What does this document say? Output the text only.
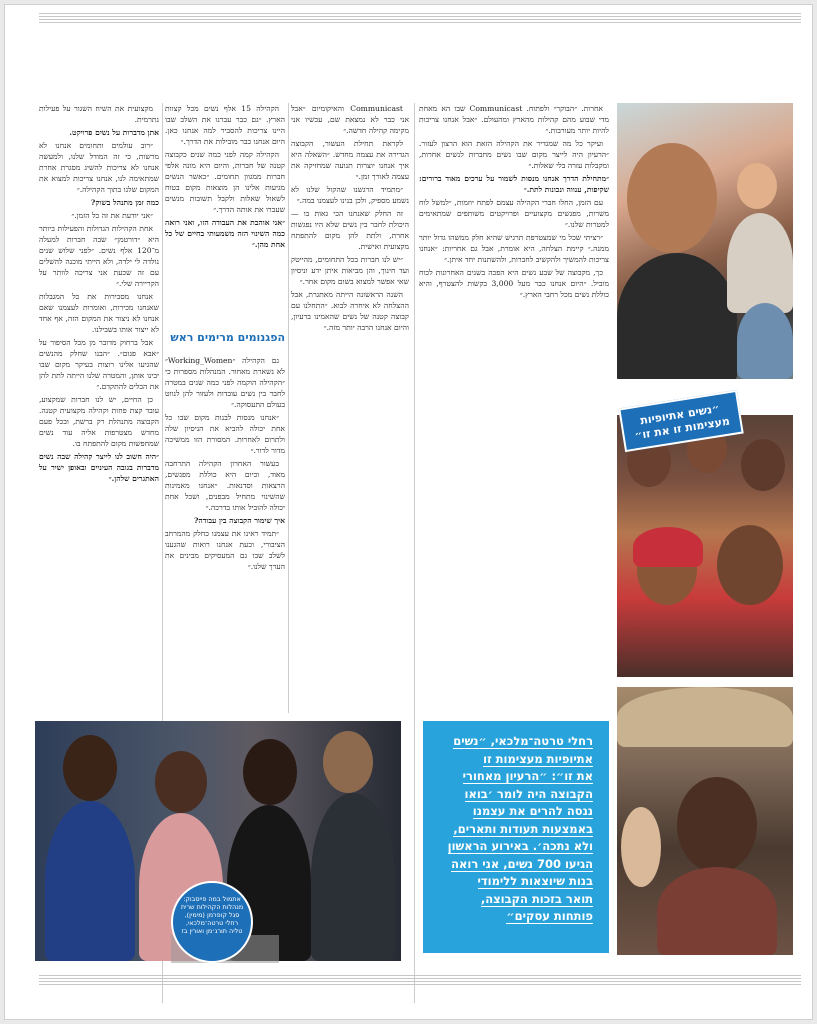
מקצועית את השיח השגור על פעילות נתרמית.

אתן מדברות על נשים פרויקט.

״רוב עולמים ותחומים אנחנו לא מרשות, כי זה המודל שלנו, ולמעשה אנחנו לא צריכות להשיג מסגרת אחרת שמתאימה לנו, אנחנו צריכות למצוא את המקום שלנו בתוך הקהילה.״

כמה זמן מתנהל בשוק?

״אני יודעת את זה כל הזמן.״

אחת הקהילות הגדולות והפעילות ביותר היא ״דורטמן״ שבה חברות למעלה מ־120 אלף נשים. ״לפני שלוש שנים נולדה לי ילדה, ולא הייתי מוכנה להשלים עם זה שכעת אני צריכה לוותר על הקריירה שלי.״

אנחנו מסבירות את כל המגבלות שאנחנו מכירות, ואומרות לעצמנו שאם אנחנו לא ניצור את המקום הזה, אף אחד לא ייצור אותו בשבילנו.

אבל ברחוק מדובר מן מכל הסיפור על ״אבא פגום״. ״הבנו שחלק מהנשים שהגיעו אלינו רוצות בעיקר מקום שבו יבינו אותן, והמטרה שלנו הייתה לתת להן את הכלים להתקדם.״

כן החיים, יש לנו חברות שמקצוע, עובד קצת פחות וקהילה מקצועית קטנה. הקבוצה מתנהלת רק ברשת, ובכל פעם מחדש מצטרפות אליה עוד נשים שמחפשות מקום להתפתח בו.

״היה חשוב לנו לייצר קהילה שבה נשים מדברות בגובה העיניים ובאופן ישיר על האתגרים שלהן.״

הקהילה 15 אלף נשים מכל קצוות הארץ. ״גם כבר עברנו את השלב שבו היינו צריכות להסביר למה אנחנו כאן. היום אנחנו כבר מובילות את הדרך.״

הקהילה קמה לפני כמה שנים כקבוצה קטנה של חברות, והיום היא מונה אלפי חברות ממגוון תחומים. ״כאשר הנשים מגיעות אלינו הן מוצאות מקום בטוח לשאול שאלות ולקבל תשובות מנשים שעברו את אותה הדרך.״

״אני אוהבת את העבודה הזו, ואני רואה כמה השינוי הזה משמעותי בחיים של כל אחת מהן.״

הפגנומים מרימים ראש

גם הקהילה ״Working_Women״ לא נשארת מאחור. המנהלות מספרות כי ״הקהילה הוקמה לפני כמה שנים במטרה לחבר בין נשים עובדות ולעזור להן לנווט בעולם התעסוקה.״

״אנחנו מנסות לבנות מקום שבו כל אחת יכולה להביא את הניסיון שלה ולתרום לאחרות. המסורת הזו ממשיכה מדור לדור.״

בעשור האחרון הקהילה התרחבה מאוד, וכיום היא כוללת מפגשים, הרצאות וסדנאות. ״אנחנו מאמינות שהשינוי מתחיל מבפנים, ושכל אחת יכולה להוביל אותו בדרכה.״

איך שימור הקבוצה בין עבודה?

״תמיד ראינו את עצמנו כחלק מהמרחב הציבורי, וכעת אנחנו רואות שהגענו לשלב שבו גם המעסיקים מבינים את הערך שלנו.״

Communicast והאיקומיום ״אבל אני כבר לא נמצאת שם, עכשיו אני מקימה קהילה חדשה.״

לקראת תחילת העשור, הקבוצה הגדירה את עצמה מחדש. ״השאלה היא איך אנחנו יוצרות תנועה שמחזיקה את עצמה לאורך זמן.״

״מתמיד הרגשנו שהקול שלנו לא נשמע מספיק, ולכן בנינו לעצמנו במה.״

זה החלק שאנחנו הכי גאות בו — היכולת לחבר בין נשים שלא היו נפגשות אחרת, ולתת להן מקום להתפתח מקצועית ואישית.

״יש לנו חברות בכל התחומים, מהייטק ועד חינוך, והן מביאות איתן ידע וניסיון שאי אפשר למצוא בשום מקום אחר.״

השנה הראשונה הייתה מאתגרת, אבל ההצלחה לא איחרה לבוא. ״התחלנו עם קבוצה קטנה של נשים שהאמינו ברעיון, והיום אנחנו הרבה יותר מזה.״

אחרות. ״הבוקר״ ולפתוח. Communicast שבו הא מאחת מדי שבוע מהם קהילות מהארץ ומהעולם. ״אבל אנחנו צריכות להיות יותר מעורבות.״

ועיקר כל מה שמגדיר את הקהילה הזאת הוא הרצון לעזור. ״הרעיון היה לייצר מקום שבו נשים מחברות לנשים אחרות, ומקבלות עזרה בלי שאלות.״

״מתחילת הדרך אנחנו מנסות לשמור על ערכים מאוד ברורים: שקיפות, ענווה ונכונות לתת.״

עם הזמן, החלו חברי הקהילה עצמם לפתח יוזמות, ״למשל לוח משרות, מפגשים מקצועיים ופרויקטים משותפים שמתאימים למטרות שלנו.״

״רציתי שכל מי שמצטרפת תרגיש שהיא חלק ממשהו גדול יותר ממנה.״ קיימת הצלחה, היא אומרת, אבל גם אחריות: ״אנחנו צריכות להמשיך ולהקשיב לחברות, ולהשתנות יחד איתן.״

כך, מקבוצה של שבע נשים היא הפכה בשנים האחרונות לכוח מוביל. ״היום אנחנו כבר מעל 3,000 בקשות להצטרף, והיא כוללת נשים מכל רחבי הארץ.״

״נשים אתיופיות מעצימות זו את זו״
אתמול במה פייסבוק: מנהלות הקהילות שרית סגל קופרמן (מימין), רחלי טרטה־מלכאי, טליה תורג׳מן ואורין בז
רחלי טרטה־מלכאי, ״נשים
אתיופיות מעצימות זו
את זו״: ״הרעיון מאחורי
הקבוצה היה לומר ׳בואו
ננסה להרים את עצמנו
באמצעות תעודות ותארים,
ולא נתכה׳. באירוע הראשון
הגיעו 700 נשים, אני רואה
בנות שיוצאות ללימודי
תואר בזכות הקבוצה,
פותחות עסקים״
